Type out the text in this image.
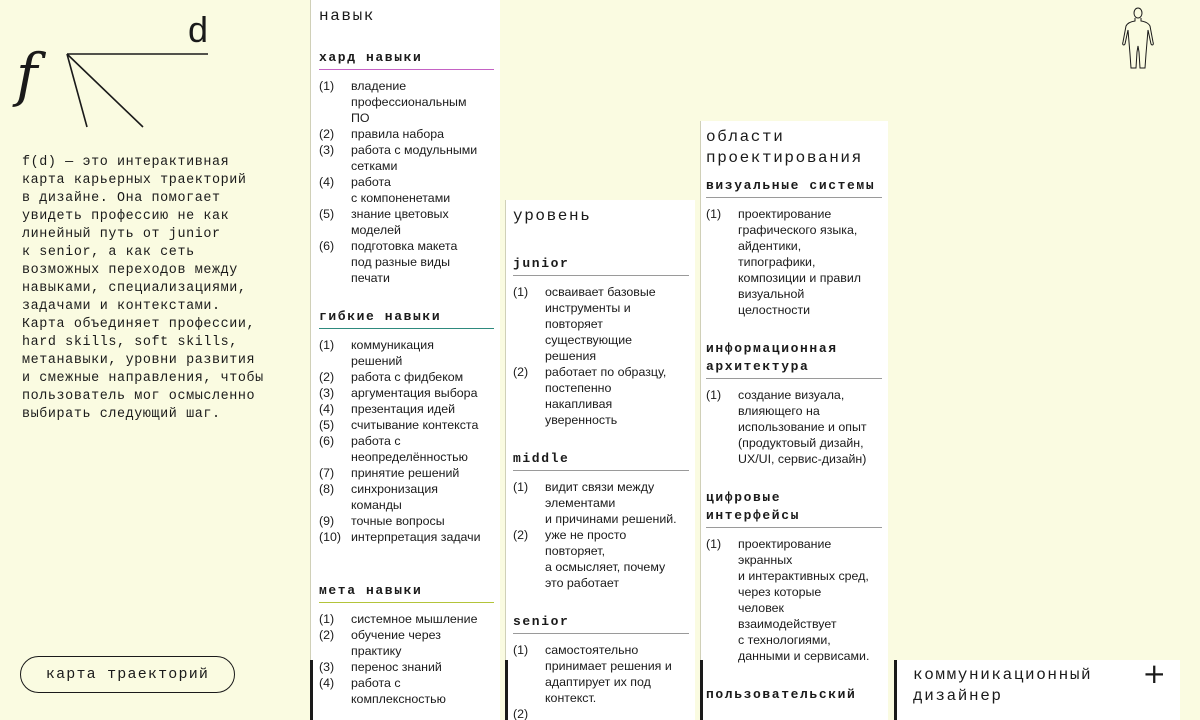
f
d
f(d) — это интерактивная
карта карьерных траекторий
в дизайне. Она помогает
увидеть профессию не как
линейный путь от junior
к senior, а как сеть
возможных переходов между
навыками, специализациями,
задачами и контекстами.
Карта объединяет профессии,
hard skills, soft skills,
метанавыки, уровни развития
и смежные направления, чтобы
пользователь мог осмысленно
выбирать следующий шаг.
карта траекторий
навык
хард навыки
(1)	владение
профессиональным
ПО
(2)	правила набора
(3)	работа с модульными
сетками
(4)	работа
с компоненетами
(5)	знание цветовых
моделей
(6)	подготовка макета
под разные виды
печати
гибкие навыки
(1)	коммуникация
решений
(2)	работа с фидбеком
(3)	аргументация выбора
(4)	презентация идей
(5)	считывание контекста
(6)	работа с
неопределённостью
(7)	принятие решений
(8)	синхронизация
команды
(9)	точные вопросы
(10) интерпретация задачи
мета навыки
(1)	системное мышление
(2)	обучение через
практику
(3)	перенос знаний
(4)	работа с
комплексностью
уровень
junior
(1)	осваивает базовые
инструменты и
повторяет
существующие
решения
(2)	работает по образцу,
постепенно
накапливая
уверенность
middle
(1)	видит связи между
элементами
и причинами решений.
(2)	уже не просто
повторяет,
а осмысляет, почему
это работает
senior
(1)	самостоятельно
принимает решения и
адаптирует их под
контекст.
(2)
области
проектирования
визуальные системы
(1)	проектирование
графического языка,
айдентики,
типографики,
композиции и правил
визуальной
целостности
информационная
архитектура
(1)	создание визуала,
влияющего на
использование и опыт
(продуктовый дизайн,
UX/UI, сервис-дизайн)
цифровые
интерфейсы
(1)	проектирование
экранных
и интерактивных сред,
через которые
человек
взаимодействует
с технологиями,
данными и сервисами.
пользовательский
коммуникационный
дизайнер
+
